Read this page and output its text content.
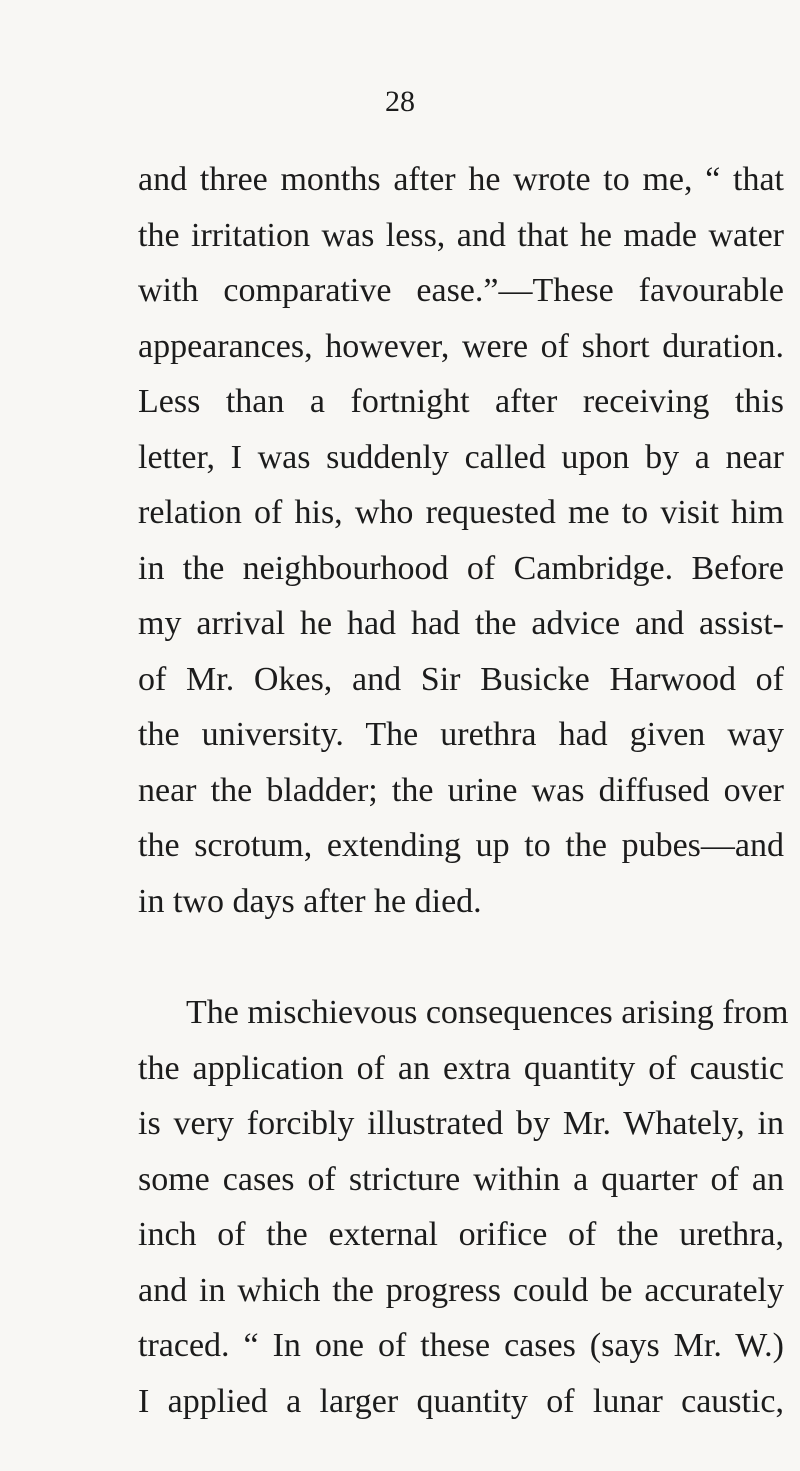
28
and three months after he wrote to me, “ that
the irritation was less, and that he made water
with comparative ease.”—These favourable
appearances, however, were of short duration.
Less than a fortnight after receiving this
letter, I was suddenly called upon by a near
relation of his, who requested me to visit him
in the neighbourhood of Cambridge. Before
my arrival he had had the advice and assist-
of Mr. Okes, and Sir Busicke Harwood of
the university. The urethra had given way
near the bladder; the urine was diffused over
the scrotum, extending up to the pubes—and
in two days after he died.
The mischievous consequences arising from
the application of an extra quantity of caustic
is very forcibly illustrated by Mr. Whately, in
some cases of stricture within a quarter of an
inch of the external orifice of the urethra,
and in which the progress could be accurately
traced. “ In one of these cases (says Mr. W.)
I applied a larger quantity of lunar caustic,
